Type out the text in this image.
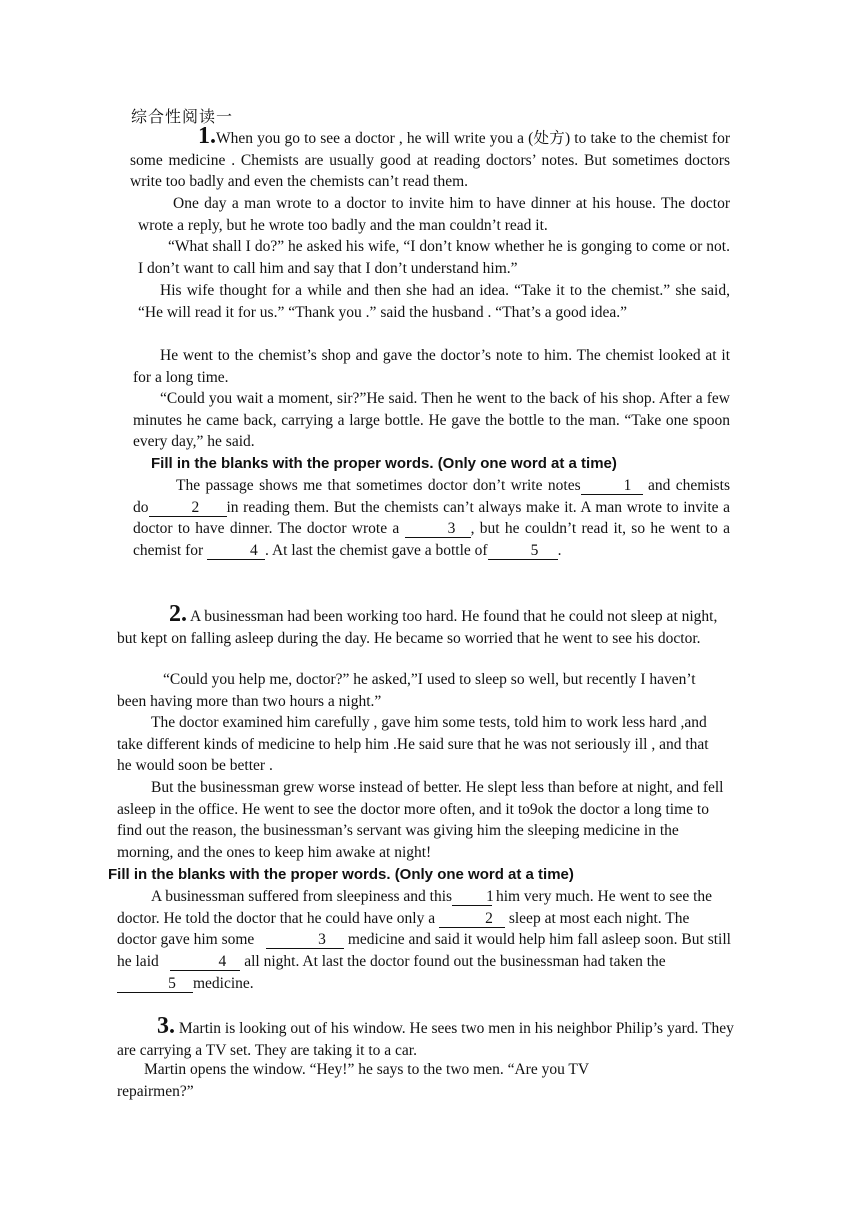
综合性阅读一

1.When you go to see a doctor , he will write you a (处方) to take to the chemist for some medicine . Chemists are usually good at reading doctors’ notes. But sometimes doctors write too badly and even the chemists can’t read them.

One day a man wrote to a doctor to invite him to have dinner at his house. The doctor wrote a reply, but he wrote too badly and the man couldn’t read it.

“What shall I do?” he asked his wife, “I don’t know whether he is gonging to come or not. I don’t want to call him and say that I don’t understand him.”

His wife thought for a while and then she had an idea. “Take it to the chemist.” she said, “He will read it for us.” “Thank you .” said the husband . “That’s a good idea.”

He went to the chemist’s shop and gave the doctor’s note to him. The chemist looked at it for a long time.

“Could you wait a moment, sir?”He said. Then he went to the back of his shop. After a few minutes he came back, carrying a large bottle. He gave the bottle to the man. “Take one spoon every day,” he said.

Fill in the blanks with the proper words. (Only one word at a time)

The passage shows me that sometimes doctor don’t write notes	1 and chemists do	2 in reading them. But the chemists can’t always make it. A man wrote to invite a doctor to have dinner. The doctor wrote a	3 , but he couldn’t read it, so he went to a chemist for	4 . At last the chemist gave a bottle of	5 .

2. A businessman had been working too hard. He found that he could not sleep at night, but kept on falling asleep during the day. He became so worried that he went to see his doctor.

“Could you help me, doctor?” he asked,”I used to sleep so well, but recently I haven’t been having more than two hours a night.”

The doctor examined him carefully , gave him some tests, told him to work less hard ,and take different kinds of medicine to help him .He said sure that he was not seriously ill , and that he would soon be better .

But the businessman grew worse instead of better. He slept less than before at night, and fell asleep in the office. He went to see the doctor more often, and it to9ok the doctor a long time to find out the reason, the businessman’s servant was giving him the sleeping medicine in the morning, and the ones to keep him awake at night!

Fill in the blanks with the proper words. (Only one word at a time)

A businessman suffered from sleepiness and this 1 him very much. He went to see the doctor. He told the doctor that he could have only a	2 sleep at most each night. The doctor gave him some	3 medicine and said it would help him fall asleep soon. But still he laid	4 all night. At last the doctor found out the businessman had taken the 5 medicine.

3. Martin is looking out of his window. He sees two men in his neighbor Philip’s yard. They are carrying a TV set. They are taking it to a car.

Martin opens the window. “Hey!” he says to the two men. “Are you TV repairmen?”
